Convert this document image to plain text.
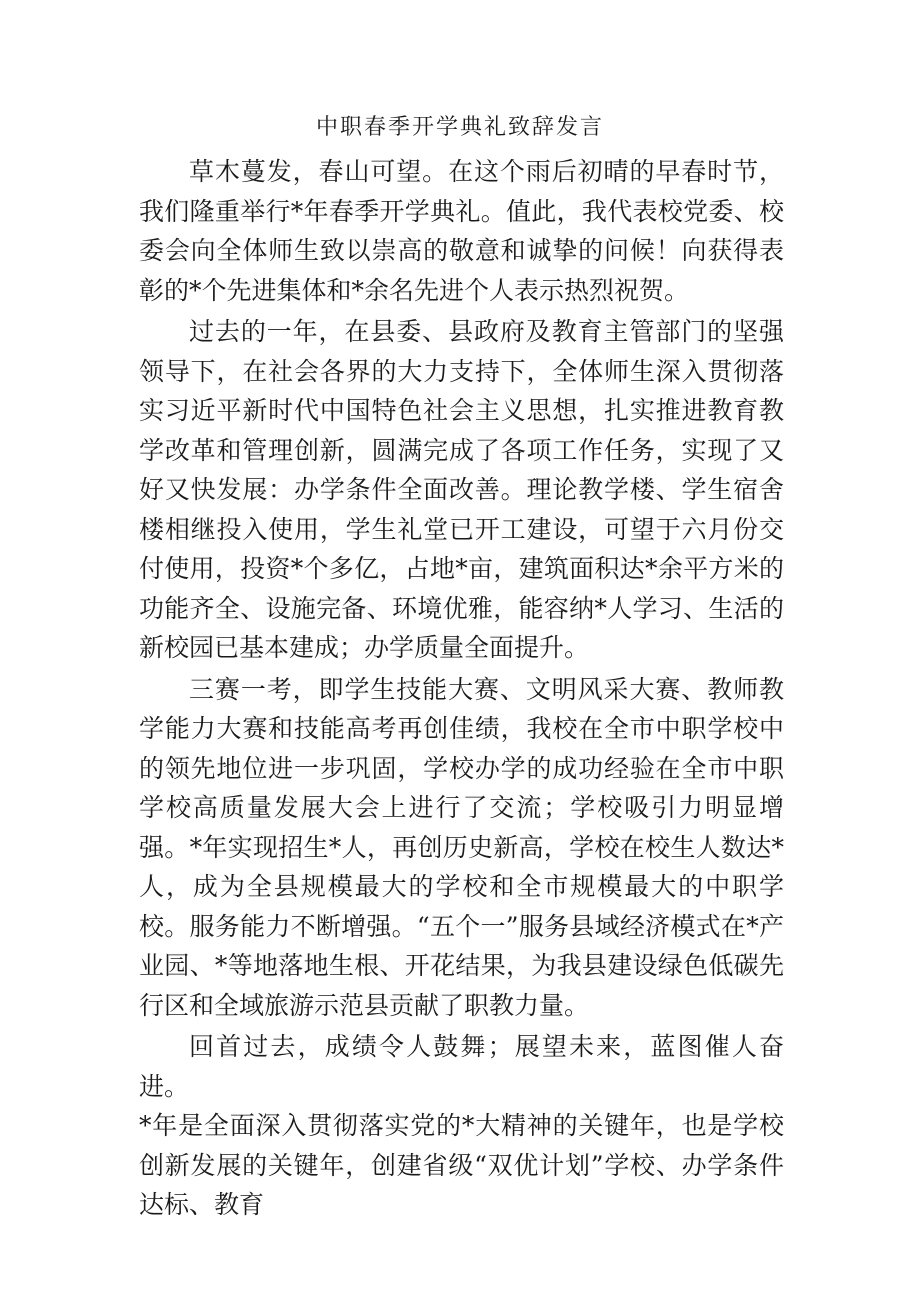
中职春季开学典礼致辞发言

草木蔓发，春山可望。在这个雨后初晴的早春时节，我们隆重举行*年春季开学典礼。值此，我代表校党委、校委会向全体师生致以崇高的敬意和诚挚的问候！向获得表彰的*个先进集体和*余名先进个人表示热烈祝贺。

过去的一年，在县委、县政府及教育主管部门的坚强领导下，在社会各界的大力支持下，全体师生深入贯彻落实习近平新时代中国特色社会主义思想，扎实推进教育教学改革和管理创新，圆满完成了各项工作任务，实现了又好又快发展：办学条件全面改善。理论教学楼、学生宿舍楼相继投入使用，学生礼堂已开工建设，可望于六月份交付使用，投资*个多亿，占地*亩，建筑面积达*余平方米的功能齐全、设施完备、环境优雅，能容纳*人学习、生活的新校园已基本建成；办学质量全面提升。

三赛一考，即学生技能大赛、文明风采大赛、教师教学能力大赛和技能高考再创佳绩，我校在全市中职学校中的领先地位进一步巩固，学校办学的成功经验在全市中职学校高质量发展大会上进行了交流；学校吸引力明显增强。*年实现招生*人，再创历史新高，学校在校生人数达*人，成为全县规模最大的学校和全市规模最大的中职学校。服务能力不断增强。“五个一”服务县域经济模式在*产业园、*等地落地生根、开花结果，为我县建设绿色低碳先行区和全域旅游示范县贡献了职教力量。

回首过去，成绩令人鼓舞；展望未来，蓝图催人奋进。

*年是全面深入贯彻落实党的*大精神的关键年，也是学校创新发展的关键年，创建省级“双优计划”学校、办学条件达标、教育
